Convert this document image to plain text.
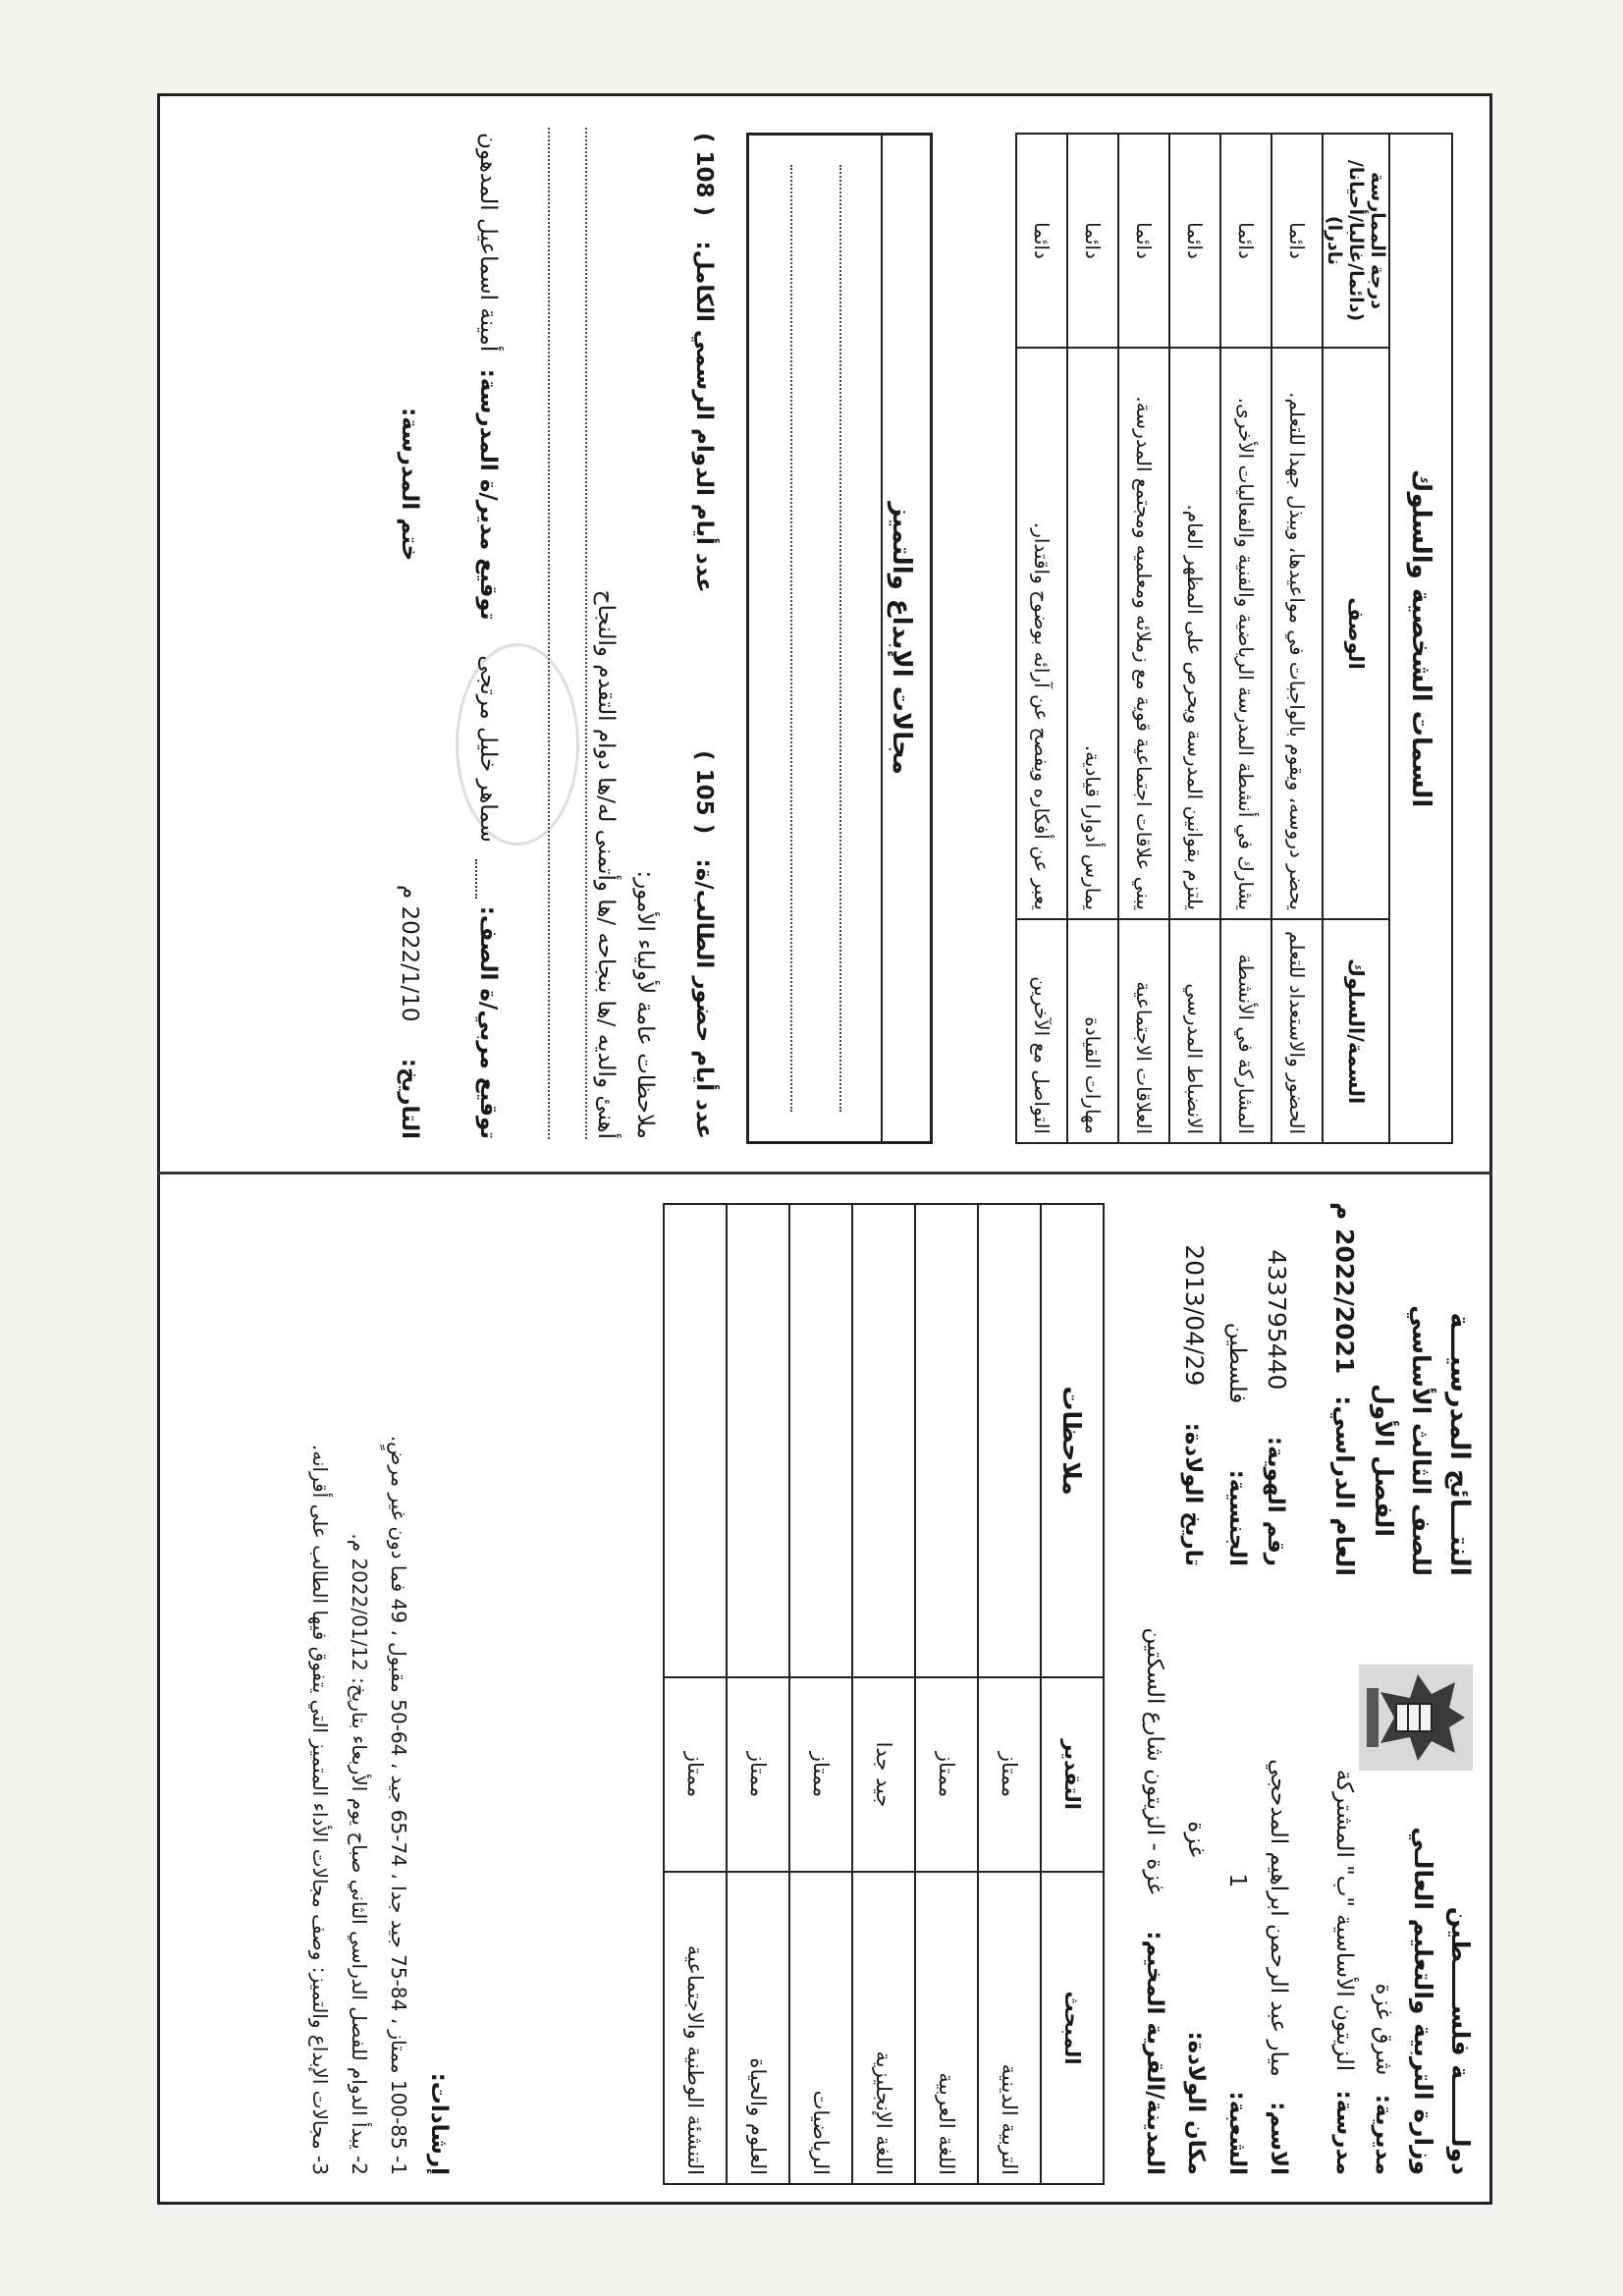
دولـــــــة فلســـــطين
وزارة التربية والتعليم العالـي
مديرية: شرق غزة
مدرسة: الزيتون الأساسية "ب" المشتركة
النتـــائج المدرسيـــة
للصف الثالث الأساسي
الفصل الأول
العام الدراسي: 2022/2021 م
الاسم: ميار عبد الرحمن ابراهيم المدحجي
رقم الهوية: 433795440
الشعبة: 1
الجنسية: فلسطين
مكان الولادة: غزة
تاريخ الولادة: 2013/04/29
المدينة/القرية المخيم: غزة - الزيتون شارع السكتين
المبحث	التقدير	ملاحظات
التربية الدينية	ممتاز	
اللغة العربية	ممتاز	
اللغة الإنجليزية	جيد جدا	
الرياضيات	ممتاز	
العلوم والحياة	ممتاز	
التنشئة الوطنية والاجتماعية	ممتاز	
إرشادات:
1- 100-85 ممتاز ، 84-75 جيد جدا ، 74-65 جيد ، 64-50 مقبول ، 49 فما دون غير مرضٍ.
2- يبدأ الدوام للفصل الدراسي الثاني صباح يوم الأربعاء بتاريخ: 2022/01/12 م.
3- مجالات الإبداع والتميز: وصف مجالات الأداء المتميز التي يتفوق فيها الطالب على أقرانه.
السمات الشخصية والسلوك		
السمة/السلوك	الوصف	درجة الممارسة (دائما/غالبا/أحيانا/نادرا)
الحضور والاستعداد للتعلم	يحضر دروسه، ويقوم بالواجبات في مواعيدها، ويبذل جهدا للتعلم.	دائما
المشاركة في الأنشطة	يشارك في أنشطة المدرسة الرياضية والفنية والفعاليات الأخرى.	دائما
الانضباط المدرسي	يلتزم بقوانين المدرسة ويحرص على المظهر العام.	دائما
العلاقات الاجتماعية	يبني علاقات اجتماعية قوية مع زملائه ومعلميه ومجتمع المدرسة.	دائما
مهارات القيادة	يمارس أدوارا قيادية.	دائما
التواصل مع الآخرين	يعبر عن أفكاره ويفصح عن آرائه بوضوح واقتدار.	دائما
مجالات الإبداع والتميز
عدد أيام حضور الطالب/ة: ( 105 )
عدد أيام الدوام الرسمي الكامل: ( 108 )
ملاحظات عامة لأولياء الأمور:
أهنئ والديه /ها بنجاحه /ها وأتمنى له/ها دوام التقدم والنجاح
توقيع مربي/ة الصف:  سماهر خليل مرتجى
توقيع مدير/ة المدرسة: أمينة اسماعيل المدهون
التاريخ: 2022/1/10 م
ختم المدرسة:
